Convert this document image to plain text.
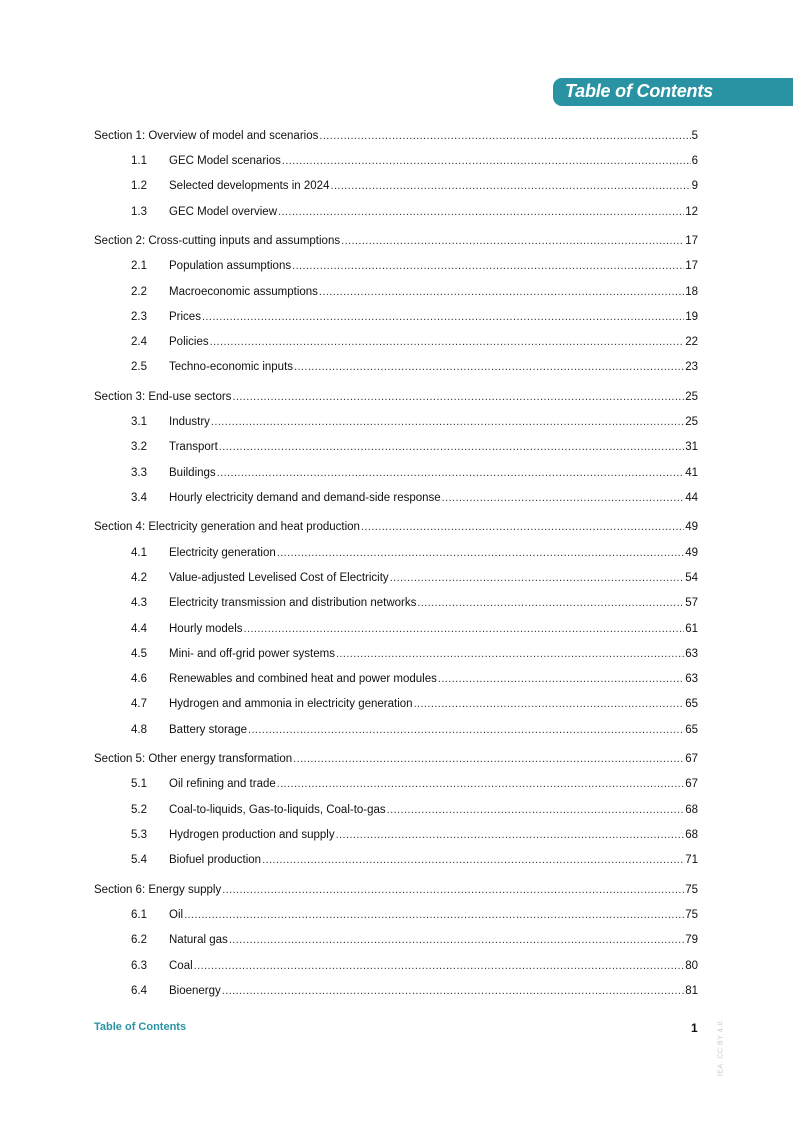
Table of Contents
Section 1: Overview of model and scenarios .....	5
1.1	GEC Model scenarios .....	6
1.2	Selected developments in 2024 .....	9
1.3	GEC Model overview .....	12
Section 2: Cross-cutting inputs and assumptions .....	17
2.1	Population assumptions .....	17
2.2	Macroeconomic assumptions .....	18
2.3	Prices .....	19
2.4	Policies .....	22
2.5	Techno-economic inputs .....	23
Section 3: End-use sectors .....	25
3.1	Industry .....	25
3.2	Transport .....	31
3.3	Buildings .....	41
3.4	Hourly electricity demand and demand-side response .....	44
Section 4: Electricity generation and heat production .....	49
4.1	Electricity generation .....	49
4.2	Value-adjusted Levelised Cost of Electricity .....	54
4.3	Electricity transmission and distribution networks .....	57
4.4	Hourly models .....	61
4.5	Mini- and off-grid power systems .....	63
4.6	Renewables and combined heat and power modules .....	63
4.7	Hydrogen and ammonia in electricity generation .....	65
4.8	Battery storage .....	65
Section 5: Other energy transformation .....	67
5.1	Oil refining and trade .....	67
5.2	Coal-to-liquids, Gas-to-liquids, Coal-to-gas .....	68
5.3	Hydrogen production and supply .....	68
5.4	Biofuel production .....	71
Section 6: Energy supply .....	75
6.1	Oil .....	75
6.2	Natural gas .....	79
6.3	Coal .....	80
6.4	Bioenergy .....	81
Table of Contents	1	IEA. CC BY 4.0.
